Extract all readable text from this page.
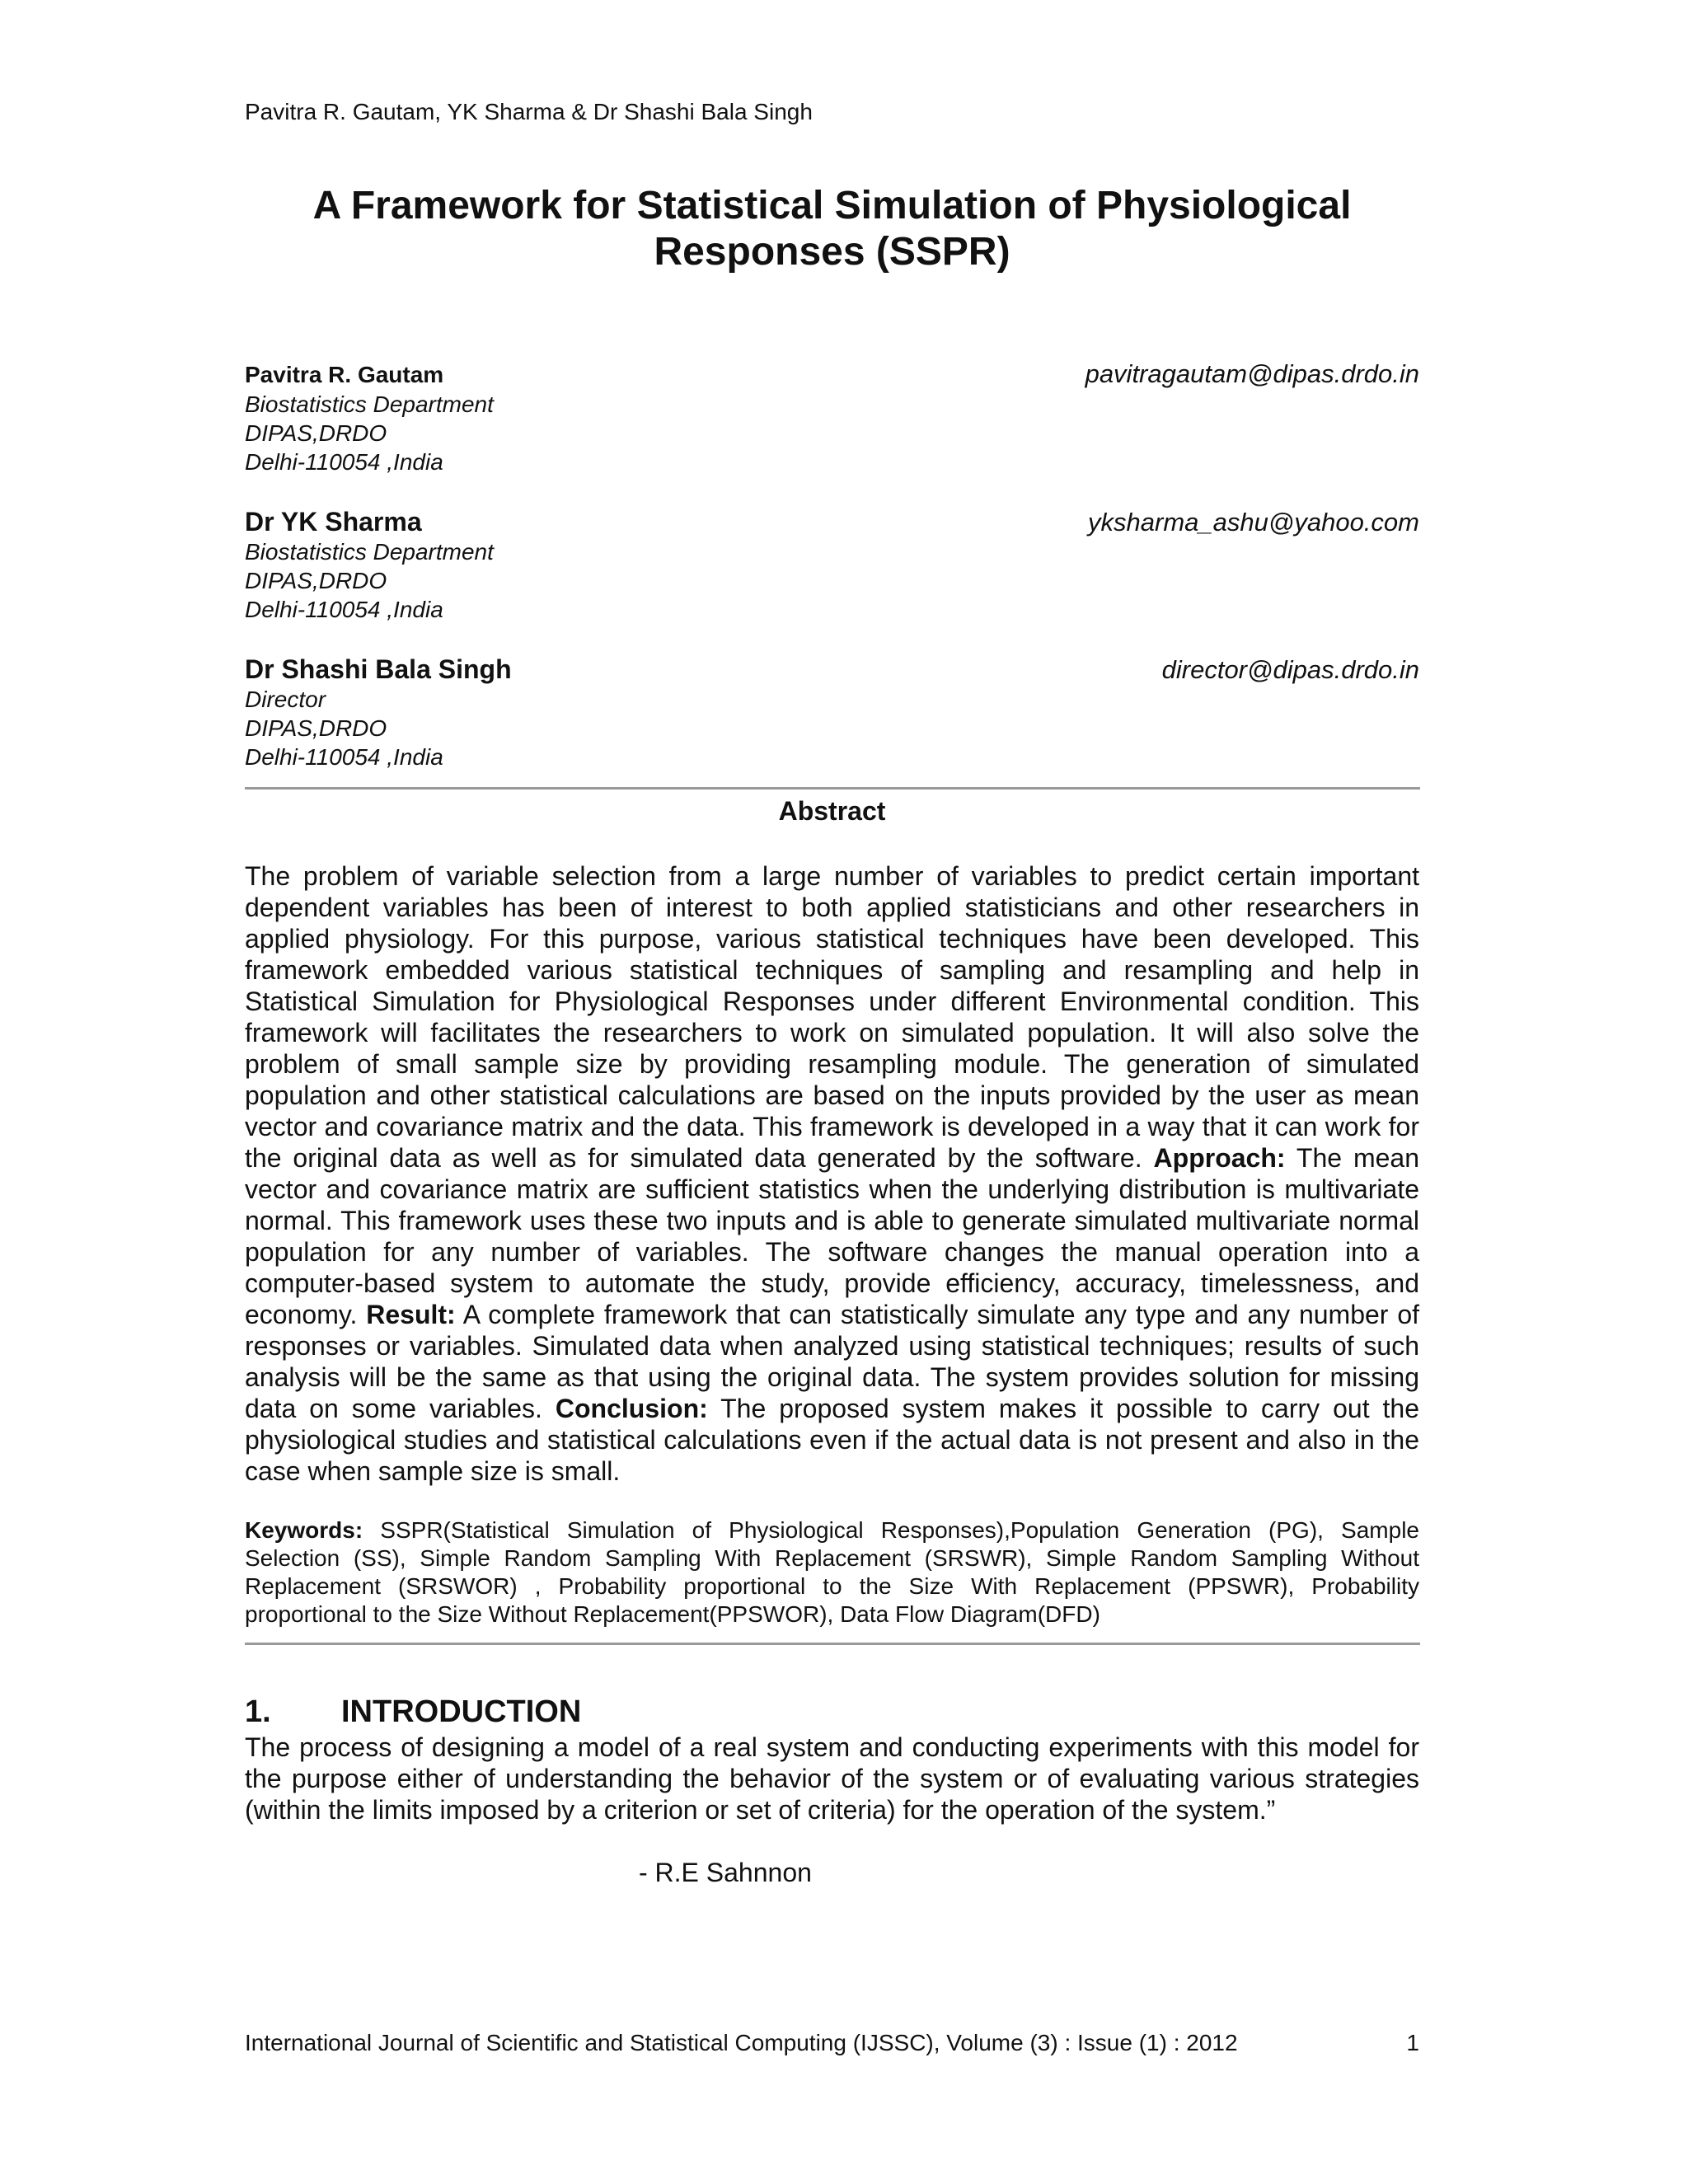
Pavitra R. Gautam, YK Sharma & Dr Shashi Bala Singh
A Framework for Statistical Simulation of Physiological
Responses (SSPR)
Pavitra R. Gautam	pavitragautam@dipas.drdo.in
Biostatistics Department
DIPAS,DRDO
Delhi-110054 ,India
Dr YK Sharma	yksharma_ashu@yahoo.com
Biostatistics Department
DIPAS,DRDO
Delhi-110054 ,India
Dr Shashi Bala Singh	director@dipas.drdo.in
Director
DIPAS,DRDO
Delhi-110054 ,India
Abstract
The problem of variable selection from a large number of variables to predict certain important dependent variables has been of interest to both applied statisticians and other researchers in applied physiology. For this purpose, various statistical techniques have been developed. This framework embedded various statistical techniques of sampling and resampling and help in Statistical Simulation for Physiological Responses under different Environmental condition. This framework will facilitates the researchers to work on simulated population. It will also solve the problem of small sample size by providing resampling module. The generation of simulated population and other statistical calculations are based on the inputs provided by the user as mean vector and covariance matrix and the data. This framework is developed in a way that it can work for the original data as well as for simulated data generated by the software. Approach: The mean vector and covariance matrix are sufficient statistics when the underlying distribution is multivariate normal. This framework uses these two inputs and is able to generate simulated multivariate normal population for any number of variables. The software changes the manual operation into a computer-based system to automate the study, provide efficiency, accuracy, timelessness, and economy. Result: A complete framework that can statistically simulate any type and any number of responses or variables. Simulated data when analyzed using statistical techniques; results of such analysis will be the same as that using the original data. The system provides solution for missing data on some variables. Conclusion: The proposed system makes it possible to carry out the physiological studies and statistical calculations even if the actual data is not present and also in the case when sample size is small.
Keywords: SSPR(Statistical Simulation of Physiological Responses),Population Generation (PG), Sample Selection (SS), Simple Random Sampling With Replacement (SRSWR), Simple Random Sampling Without Replacement (SRSWOR) , Probability proportional to the Size With Replacement (PPSWR), Probability proportional to the Size Without Replacement(PPSWOR), Data Flow Diagram(DFD)
1. INTRODUCTION
The process of designing a model of a real system and conducting experiments with this model for the purpose either of understanding the behavior of the system or of evaluating various strategies (within the limits imposed by a criterion or set of criteria) for the operation of the system.”
- R.E Sahnnon
International Journal of Scientific and Statistical Computing (IJSSC), Volume (3) : Issue (1) : 2012	1
